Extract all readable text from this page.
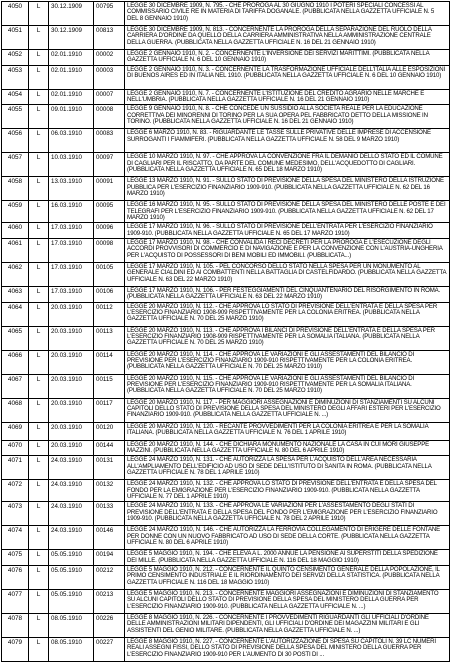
4050	L	30.12.1909	00795	LEGGE 30 DICEMBRE 1909, N. 795. - CHE PROROGA AL 30 GIUGNO 1910 I POTERI SPECIALI CONCESSI AL COMMISSARIO CIVILE RE IN MATERIA DI TARIFFA DOGANALE. (PUBBLICATA NELLA GAZZETTA UFFICIALE N. 5 DEL 8 GENNAIO 1910)
4051	L	30.12.1909	00813	LEGGE 30 DICEMBRE 1909, N. 813. - CONCERNENTE LA PROROGA DELLA SEPARAZIONE DEL RUOLO DELLA CARRIERA D'ORDINE DA QUELLO DELLA CARRIERA AMMINISTRATIVA NELLA AMMINISTRAZIONE CENTRALE DELLA GUERRA. (PUBBLICATA NELLA GAZZETTA UFFICIALE N. 16 DEL 21 GENNAIO 1910)
4052	L	02.01.1910	00002	LEGGE 2 GENNAIO 1910, N. 2. - CONCERNENTE L'INVERSIONE DEI SERVIZI MARITTIMI. (PUBBLICATA NELLA GAZZETTA UFFICIALE N. 6 DEL 10 GENNAIO 1910)
4053	L	02.01.1910	00003	LEGGE 2 GENNAIO 1910, N. 3. - CONCERNENTE LA TRASFORMAZIONE UFFICIALE DELL'ITALIA ALLE ESPOSIZIONI DI BUENOS AIRES ED IN ITALIA NEL 1910. (PUBBLICATA NELLA GAZZETTA UFFICIALE N. 6 DEL 10 GENNAIO 1910)
4054	L	02.01.1910	00007	LEGGE 2 GENNAIO 1910, N. 7. - CONCERNENTE L'ISTITUZIONE DEL CREDITO AGRARIO NELLE MARCHE E NELL'UMBRIA. (PUBBLICATA NELLA GAZZETTA UFFICIALE N. 16 DEL 21 GENNAIO 1910)
4055	L	09.01.1910	00008	LEGGE 9 GENNAIO 1910, N. 8. - CHE CONCEDE UN SUSSIDIO ALLA SOCIETA REALE PER LA EDUCAZIONE CORRETTIVA DEI MINORENNI DI TORINO PER LA SUA OPERA PEL FABBRICATO DETTO DELLA MISSIONE IN TORINO. (PUBBLICATA NELLA GAZZETTA UFFICIALE N. 16 DEL 21 GENNAIO 1910)
4056	L	06.03.1910	00083	LEGGE 6 MARZO 1910, N. 83. - RIGUARDANTE LE TASSE SULLE PRIVATIVE DELLE IMPRESE DI ACCENSIONE SURROGANTI I FIAMMIFERI. (PUBBLICATA NELLA GAZZETTA UFFICIALE N. 58 DEL 9 MARZO 1910)
4057	L	10.03.1910	00097	LEGGE 10 MARZO 1910, N. 97. - CHE APPROVA LA CONVENZIONE FRA IL DEMANIO DELLO STATO ED IL COMUNE DI CAGLIARI PER IL RISCATTO, DA PARTE DEL COMUNE MEDESIMO, DELL'ACQUEDOTTO DI CAGLIARI. (PUBBLICATA NELLA GAZZETTA UFFICIALE N. 65 DEL 18 MARZO 1910)
4058	L	13.03.1910	00091	LEGGE 13 MARZO 1910, N. 91. - SULLO STATO DI PREVISIONE DELLA SPESA DEL MINISTERO DELLA ISTRUZIONE PUBBLICA PER L'ESERCIZIO FINANZIARIO 1909-910. (PUBBLICATA NELLA GAZZETTA UFFICIALE N. 62 DEL 16 MARZO 1910)
4059	L	16.03.1910	00095	LEGGE 16 MARZO 1910, N. 95. - SULLO STATO DI PREVISIONE DELLA SPESA DEL MINISTERO DELLE POSTE E DEI TELEGRAFI PER L'ESERCIZIO FINANZIARIO 1909-910. (PUBBLICATA NELLA GAZZETTA UFFICIALE N. 62 DEL 17 MARZO 1910)
4060	L	17.03.1910	00096	LEGGE 17 MARZO 1910, N. 96. - SULLO STATO DI PREVISIONE DELL'ENTRATA PER L'ESERCIZIO FINANZIARIO 1909-910. (PUBBLICATA NELLA GAZZETTA UFFICIALE N. 65 DEL 17 MARZO 1910)
4061	L	17.03.1910	00098	LEGGE 17 MARZO 1910, N. 98. - CHE CONVALIDA I RECI DECRETI PER LA PROROGA E L'ESECUZIONE DEGLI ACCORDI PROVVISORI DI COMMERCIO E DI NAVIGAZIONE E PER LA CONVENZIONE CON L'AUSTRIA-UNGHERIA PER L'ACQUISTO DI POSSESSORI DI BENI MOBILI ED IMMOBILI. (PUBBLICATA...)
4062	L	17.03.1910	00105	LEGGE 17 MARZO 1910, N. 105. - PEL CONCORSO DELLO STATO NELLA SPESA PER UN MONUMENTO AL GENERALE CIALDINI ED AI COMBATTENTI NELLA BATTAGLIA DI CASTELFIDARDO. (PUBBLICATA NELLA GAZZETTA UFFICIALE N. 63 DEL 22 MARZO 1910)
4063	L	17.03.1910	00106	LEGGE 17 MARZO 1910, N. 106. - PER FESTEGGIAMENTI DEL CINQUANTENARIO DEL RISORGIMENTO IN ROMA. (PUBBLICATA NELLA GAZZETTA UFFICIALE N. 63 DEL 22 MARZO 1910)
4064	L	20.03.1910	00112	LEGGE 20 MARZO 1910, N. 112. - CHE APPROVA LO STATO DI PREVISIONE DELL'ENTRATA E DELLA SPESA PER L'ESERCIZIO FINANZIARIO 1908-909 RISPETTIVAMENTE PER LA COLONIA ERITREA. (PUBBLICATA NELLA GAZZETTA UFFICIALE N. 70 DEL 25 MARZO 1910)
4065	L	20.03.1910	00113	LEGGE 20 MARZO 1910, N. 113. - CHE APPROVA I BILANCI DI PREVISIONE DELL'ENTRATA E DELLA SPESA PER L'ESERCIZIO FINANZIARIO 1908-909 RISPETTIVAMENTE PER LA SOMALIA ITALIANA. (PUBBLICATA NELLA GAZZETTA UFFICIALE N. 70 DEL 25 MARZO 1910)
4066	L	20.03.1910	00114	LEGGE 20 MARZO 1910, N. 114. - CHE APPROVA LE VARIAZIONI E GLI ASSESTAMENTI DEL BILANCIO DI PREVISIONE PER L'ESERCIZIO FINANZIARIO 1909-910 RISPETTIVAMENTE PER LA COLONIA ERITREA. (PUBBLICATA NELLA GAZZETTA UFFICIALE N. 70 DEL 25 MARZO 1910)
4067	L	20.03.1910	00115	LEGGE 20 MARZO 1910, N. 115. - CHE APPROVA LE VARIAZIONI E GLI ASSESTAMENTI DEL BILANCIO DI PREVISIONE PER L'ESERCIZIO FINANZIARIO 1909-910 RISPETTIVAMENTE PER LA SOMALIA ITALIANA. (PUBBLICATA NELLA GAZZETTA UFFICIALE N. 70 DEL 25 MARZO 1910)
4068	L	20.03.1910	00117	LEGGE 20 MARZO 1910, N. 117. - PER MAGGIORI ASSEGNAZIONI E DIMINUZIONI DI STANZIAMENTI SU ALCUNI CAPITOLI DELLO STATO DI PREVISIONE DELLA SPESA DEL MINISTERO DEGLI AFFARI ESTERI PER L'ESERCIZIO FINANZIARIO 1909-910. (PUBBLICATA NELLA GAZZETTA UFFICIALE N. ...)
4069	L	20.03.1910	00120	LEGGE 20 MARZO 1910, N. 120. - RECANTE PROVVEDIMENTI PER LA COLONIA ERITREA E PER LA SOMALIA ITALIANA. (PUBBLICATA NELLA GAZZETTA UFFICIALE N. 76 DEL 1 APRILE 1910)
4070	L	20.03.1910	00144	LEGGE 20 MARZO 1910, N. 144. - CHE DICHIARA MONUMENTO NAZIONALE LA CASA IN CUI MORI GIUSEPPE MAZZINI. (PUBBLICATA NELLA GAZZETTA UFFICIALE N. 80 DEL 6 APRILE 1910)
4071	L	24.03.1910	00131	LEGGE 24 MARZO 1910, N. 131. - CHE AUTORIZZA LA SPESA PER L'ACQUISTO DELL'AREA NECESSARIA ALL'AMPLIAMENTO DELL'EDIFICIO AD USO DI SEDE DELL'ISTITUTO DI SANITA IN ROMA. (PUBBLICATA NELLA GAZZETTA UFFICIALE N. 78 DEL 1 APRILE 1910)
4072	L	24.03.1910	00132	LEGGE 24 MARZO 1910, N. 132. - CHE APPROVA LO STATO DI PREVISIONE DELL'ENTRATA E DELLA SPESA DEL FONDO PER LA EMIGRAZIONE PER L'ESERCIZIO FINANZIARIO 1909-910. (PUBBLICATA NELLA GAZZETTA UFFICIALE N. 77 DEL 1 APRILE 1910)
4073	L	24.03.1910	00133	LEGGE 24 MARZO 1910, N. 133. - CHE APPROVA LE VARIAZIONI PER L'ASSESTAMENTO DEGLI STATI DI PREVISIONE DELL'ENTRATA E DELLA SPESA DEL FONDO PER L'EMIGRAZIONE PER L'ESERCIZIO FINANZIARIO 1909-910. (PUBBLICATA NELLA GAZZETTA UFFICIALE N. 78 DEL 2 APRILE 1910)
4074	L	24.03.1910	00146	LEGGE 24 MARZO 1910, N. 146. - CHE AUTORIZZA LA FERROVIA COLLEGAMENTO DI ERIGERE DELLE FONTANE PER DONNE CON UN NUOVO FABBRICATO AD USO DI SEDE DELLA CORTE. (PUBBLICATA NELLA GAZZETTA UFFICIALE N. 80 DEL 6 APRILE 1910)
4075	L	05.05.1910	00194	LEGGE 5 MAGGIO 1910, N. 194. - CHE ELEVA A L. 2000 ANNUE LA PENSIONE AI SUPERSTITI DELLA SPEDIZIONE DEI MILLE. (PUBBLICATA NELLA GAZZETTA UFFICIALE N. 116 DEL 18 MAGGIO 1910)
4076	L	05.05.1910	00212	LEGGE 5 MAGGIO 1910, N. 212. - CONCERNENTE IL QUINTO CENSIMENTO GENERALE DELLA POPOLAZIONE, IL PRIMO CENSIMENTO INDUSTRIALE E IL RIORDINAMENTO DEI SERVIZI DELLA STATISTICA. (PUBBLICATA NELLA GAZZETTA UFFICIALE N. 116 DEL 18 MAGGIO 1910)
4077	L	05.05.1910	00213	LEGGE 5 MAGGIO 1910, N. 213. - CONCERNENTE MAGGIORI ASSEGNAZIONI E DIMINUZIONI DI STANZIAMENTO SU ALCUNI CAPITOLI DELLO STATO DI PREVISIONE DELLA SPESA DEL MINISTERO DELLA GUERRA PER L'ESERCIZIO FINANZIARIO 1909-910. (PUBBLICATA NELLA GAZZETTA UFFICIALE N. ...)
4078	L	08.05.1910	00226	LEGGE 8 MAGGIO 1910, N. 226. - CONCERNENTE I PROVVEDIMENTI RIGUARDANTI GLI UFFICIALI D'ORDINE DELLE AMMINISTRAZIONI MILITARI DIPENDENTI, GLI UFFICIALI D'ORDINE DEI MAGAZZINI MILITARI E GLI ASSISTENTI DEL GENIO MILITARE. (PUBBLICATA NELLA GAZZETTA UFFICIALE N. ...)
4079	L	08.05.1910	00227	LEGGE 8 MAGGIO 1910, N. 227. - CONCERNENTE L'AUTORIZZAZIONE DI SPESA SU CAPITOLI N. 39 LC NUMERI REALI ASSEGNI FISSI, DELLO STATO DI PREVISIONE DELLA SPESA DEL MINISTERO DELLA GUERRA PER L'ESERCIZIO FINANZIARIO 1909-910 PER L'AUMENTO DI 30 POSTI DI ...
